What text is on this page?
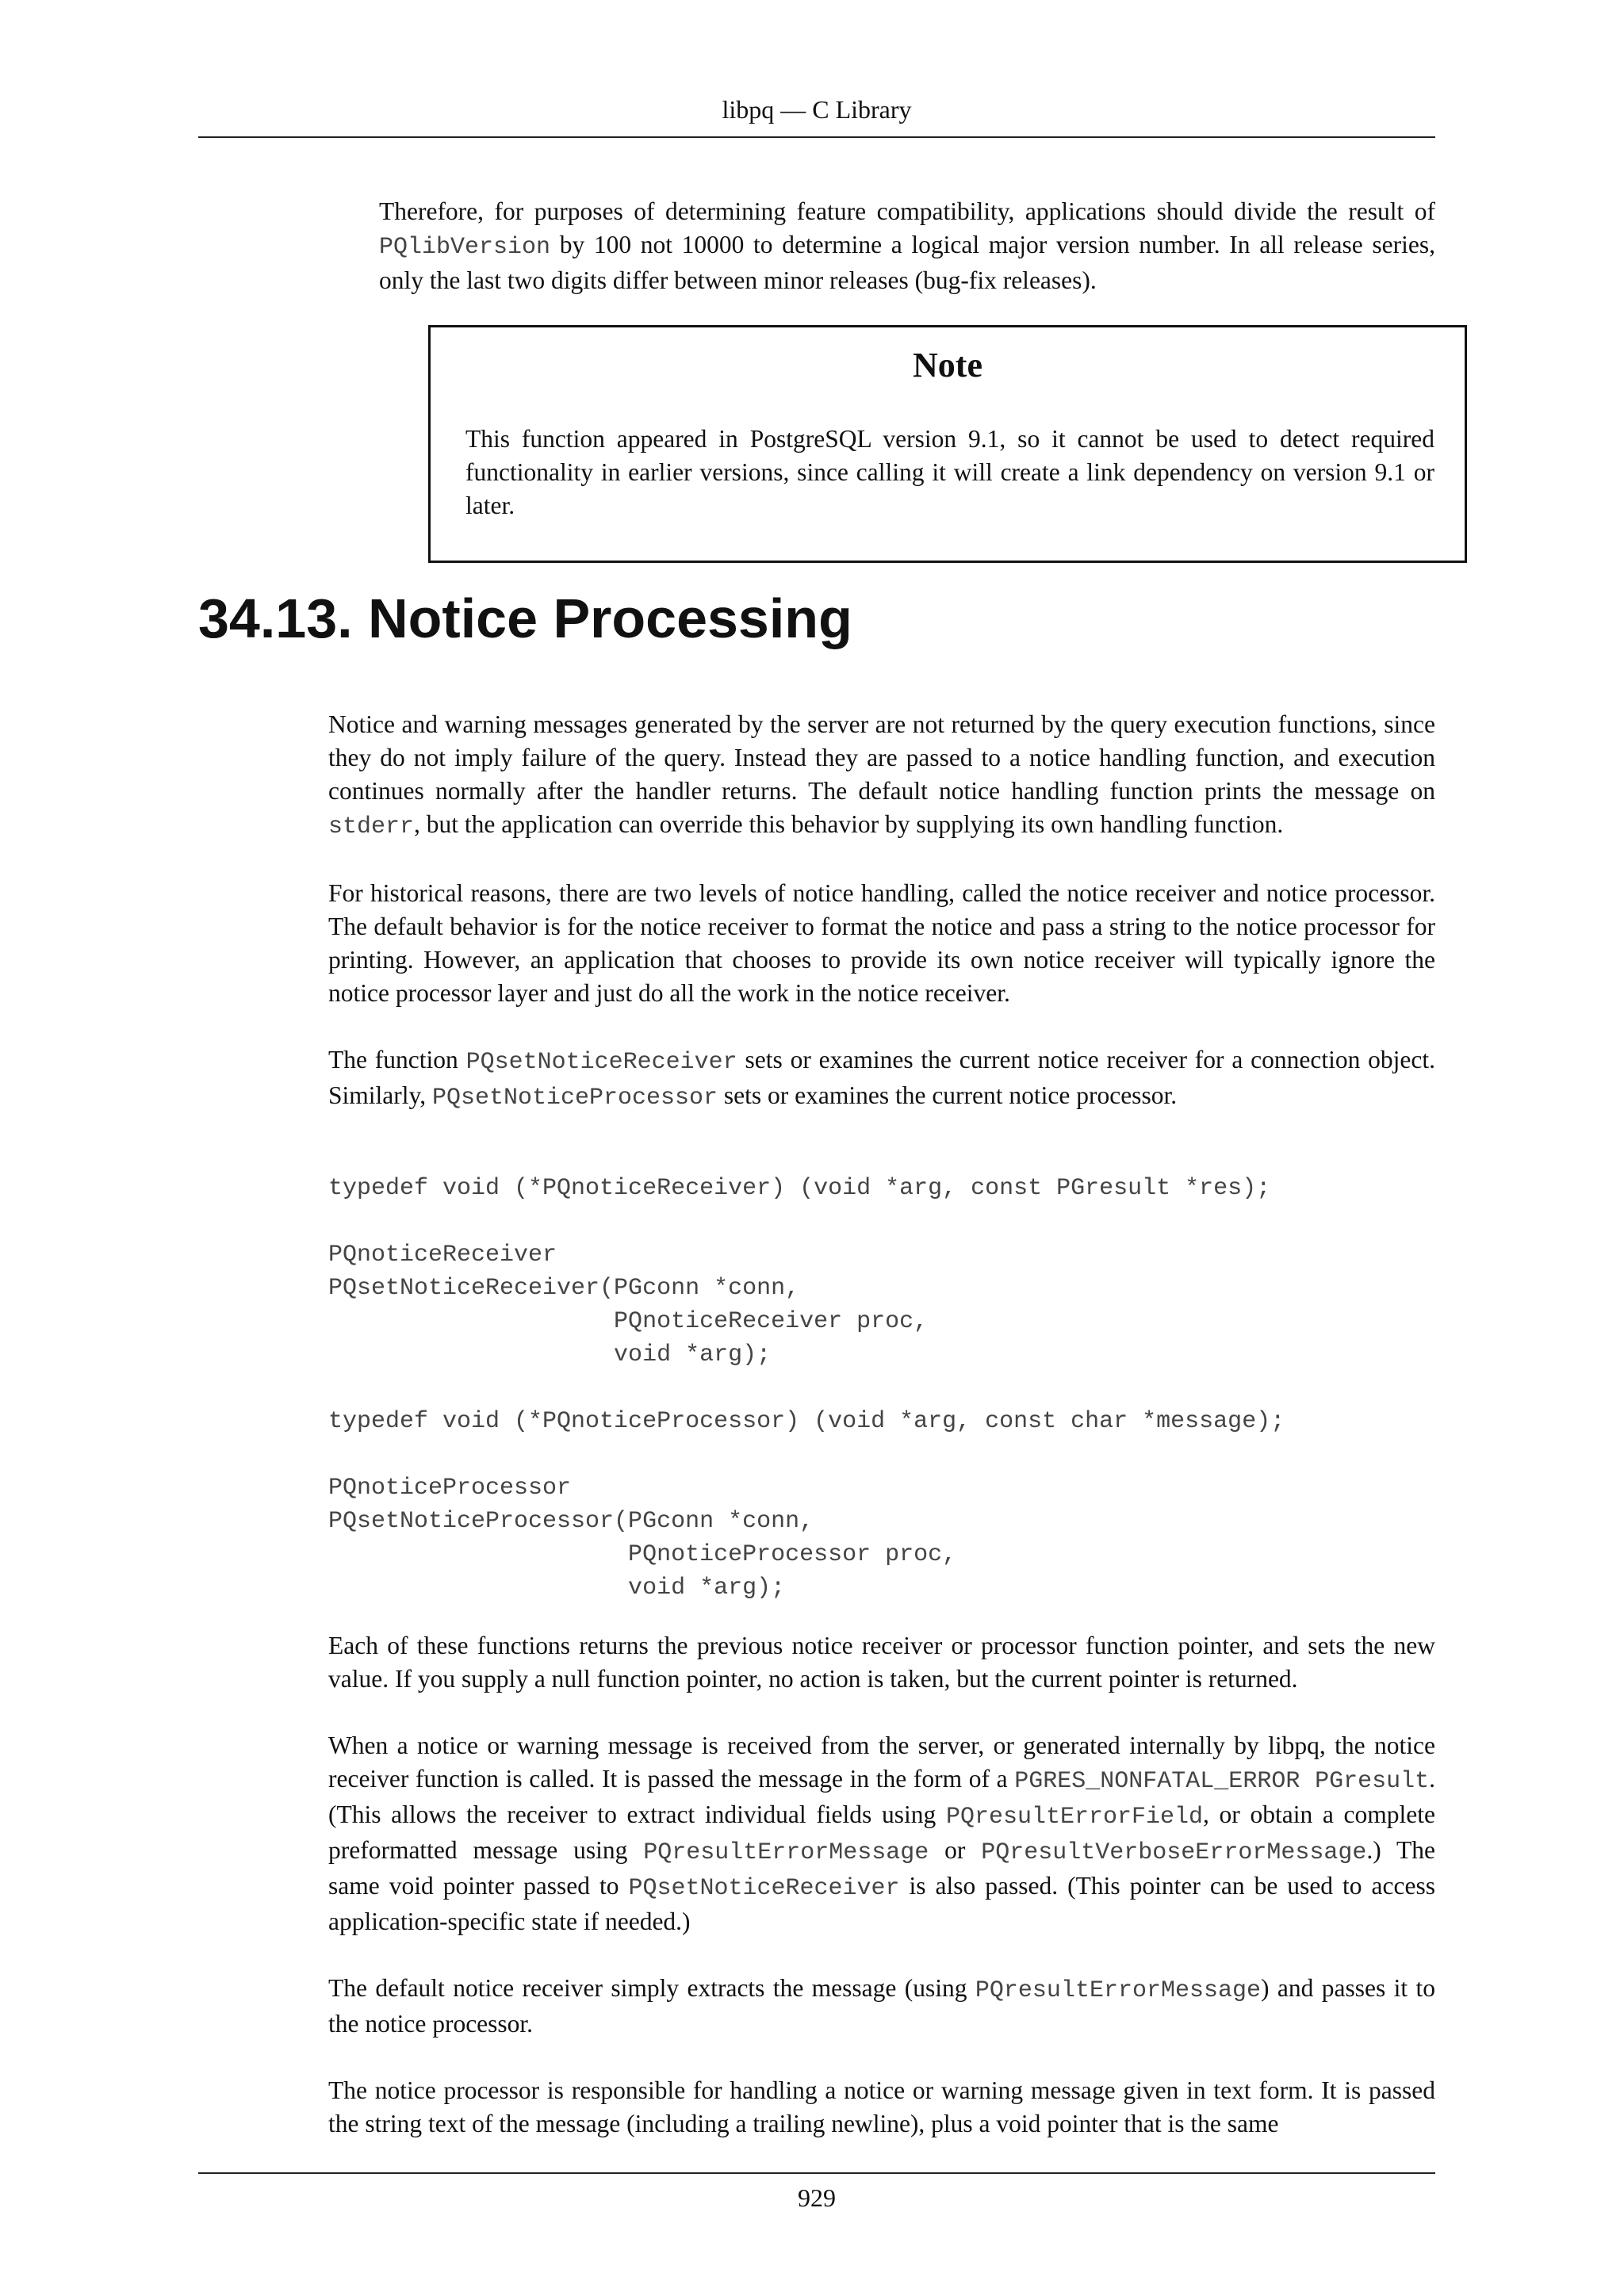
libpq — C Library

Therefore, for purposes of determining feature compatibility, applications should divide the result of PQlibVersion by 100 not 10000 to determine a logical major version number. In all release series, only the last two digits differ between minor releases (bug-fix releases).

Note

This function appeared in PostgreSQL version 9.1, so it cannot be used to detect required functionality in earlier versions, since calling it will create a link dependency on version 9.1 or later.

34.13. Notice Processing

Notice and warning messages generated by the server are not returned by the query execution functions, since they do not imply failure of the query. Instead they are passed to a notice handling function, and execution continues normally after the handler returns. The default notice handling function prints the message on stderr, but the application can override this behavior by supplying its own handling function.

For historical reasons, there are two levels of notice handling, called the notice receiver and notice processor. The default behavior is for the notice receiver to format the notice and pass a string to the notice processor for printing. However, an application that chooses to provide its own notice receiver will typically ignore the notice processor layer and just do all the work in the notice receiver.

The function PQsetNoticeReceiver sets or examines the current notice receiver for a connection object. Similarly, PQsetNoticeProcessor sets or examines the current notice processor.

typedef void (*PQnoticeReceiver) (void *arg, const PGresult *res);

PQnoticeReceiver
PQsetNoticeReceiver(PGconn *conn,
PQnoticeReceiver proc,
void *arg);

typedef void (*PQnoticeProcessor) (void *arg, const char *message);

PQnoticeProcessor
PQsetNoticeProcessor(PGconn *conn,
PQnoticeProcessor proc,
void *arg);

Each of these functions returns the previous notice receiver or processor function pointer, and sets the new value. If you supply a null function pointer, no action is taken, but the current pointer is returned.

When a notice or warning message is received from the server, or generated internally by libpq, the notice receiver function is called. It is passed the message in the form of a PGRES_NONFATAL_ERROR PGresult. (This allows the receiver to extract individual fields using PQresultErrorField, or obtain a complete preformatted message using PQresultErrorMessage or PQresultVerboseErrorMessage.) The same void pointer passed to PQsetNoticeReceiver is also passed. (This pointer can be used to access application-specific state if needed.)

The default notice receiver simply extracts the message (using PQresultErrorMessage) and passes it to the notice processor.

The notice processor is responsible for handling a notice or warning message given in text form. It is passed the string text of the message (including a trailing newline), plus a void pointer that is the same

929
